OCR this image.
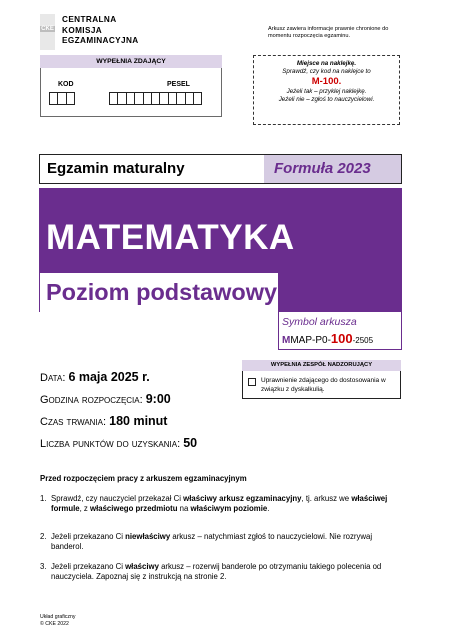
CKE
CENTRALNA
KOMISJA
EGZAMINACYJNA
Arkusz zawiera informacje prawnie chronione do momentu rozpoczęcia egzaminu.
WYPEŁNIA ZDAJĄCY
KOD	PESEL
Miejsce na naklejkę.
Sprawdź, czy kod na naklejce to
M-100.
Jeżeli tak – przyklej naklejkę.
Jeżeli nie – zgłoś to nauczycielowi.
Egzamin maturalny	Formuła 2023
MATEMATYKA
Poziom podstawowy
Symbol arkusza
MMAP-P0-100-2505
Data: 6 maja 2025 r.
Godzina rozpoczęcia: 9:00
Czas trwania: 180 minut
Liczba punktów do uzyskania: 50
WYPEŁNIA ZESPÓŁ NADZORUJĄCY
Uprawnienie zdającego do dostosowania w związku z dyskalkulią.
Przed rozpoczęciem pracy z arkuszem egzaminacyjnym
1. Sprawdź, czy nauczyciel przekazał Ci właściwy arkusz egzaminacyjny, tj. arkusz we właściwej formule, z właściwego przedmiotu na właściwym poziomie.
2. Jeżeli przekazano Ci niewłaściwy arkusz – natychmiast zgłoś to nauczycielowi. Nie rozrywaj banderol.
3. Jeżeli przekazano Ci właściwy arkusz – rozerwij banderole po otrzymaniu takiego polecenia od nauczyciela. Zapoznaj się z instrukcją na stronie 2.
Układ graficzny
© CKE 2022
